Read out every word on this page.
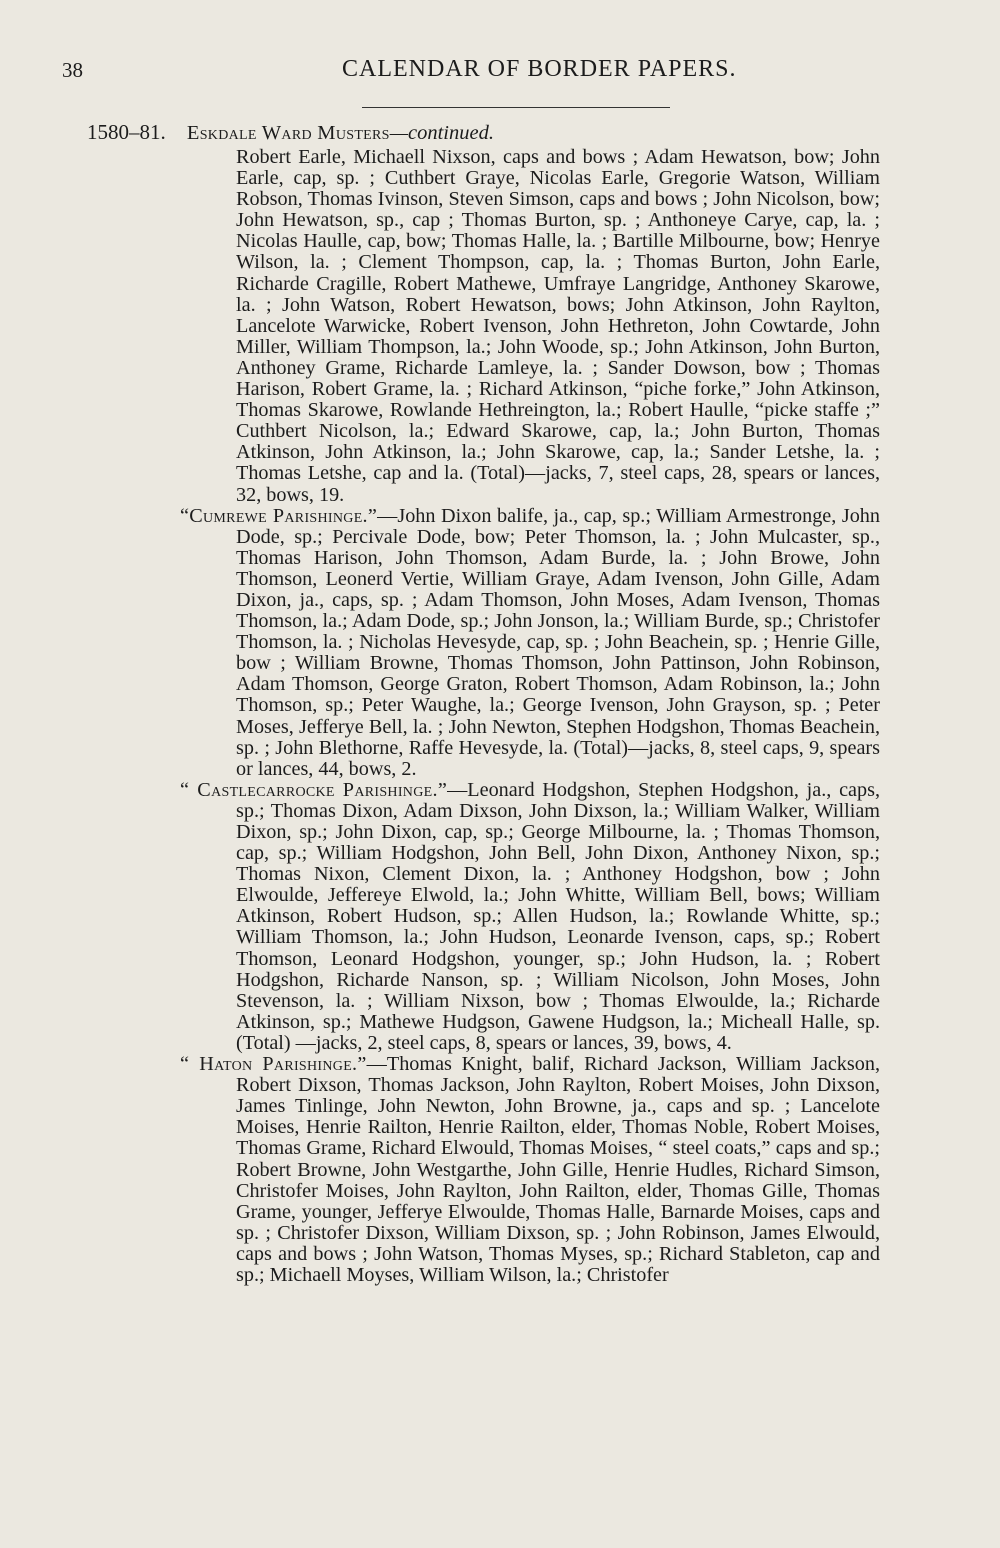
38	CALENDAR OF BORDER PAPERS.
1580–81. Eskdale Ward Musters—continued.

Robert Earle, Michaell Nixson, caps and bows ; Adam Hewatson, bow; John Earle, cap, sp. ; Cuthbert Graye, Nicolas Earle, Gregorie Watson, William Robson, Thomas Ivinson, Steven Simson, caps and bows ; John Nicolson, bow; John Hewatson, sp., cap ; Thomas Burton, sp. ; Anthoneye Carye, cap, la. ; Nicolas Haulle, cap, bow; Thomas Halle, la. ; Bartille Milbourne, bow; Henrye Wilson, la. ; Clement Thompson, cap, la. ; Thomas Burton, John Earle, Richarde Cragille, Robert Mathewe, Umfraye Langridge, Anthoney Skarowe, la. ; John Watson, Robert Hewatson, bows; John Atkinson, John Raylton, Lancelote Warwicke, Robert Ivenson, John Hethreton, John Cowtarde, John Miller, William Thompson, la.; John Woode, sp.; John Atkinson, John Burton, Anthoney Grame, Richarde Lamleye, la. ; Sander Dowson, bow ; Thomas Harison, Robert Grame, la. ; Richard Atkinson, “piche forke,” John Atkinson, Thomas Skarowe, Rowlande Hethreington, la.; Robert Haulle, “picke staffe ;” Cuthbert Nicolson, la.; Edward Skarowe, cap, la.; John Burton, Thomas Atkinson, John Atkinson, la.; John Skarowe, cap, la.; Sander Letshe, la. ; Thomas Letshe, cap and la. (Total)—jacks, 7, steel caps, 28, spears or lances, 32, bows, 19.

“Cumrewe Parishinge.”—John Dixon balife, ja., cap, sp.; William Armestronge, John Dode, sp.; Percivale Dode, bow; Peter Thomson, la. ; John Mulcaster, sp., Thomas Harison, John Thomson, Adam Burde, la. ; John Browe, John Thomson, Leonerd Vertie, William Graye, Adam Ivenson, John Gille, Adam Dixon, ja., caps, sp. ; Adam Thomson, John Moses, Adam Ivenson, Thomas Thomson, la.; Adam Dode, sp.; John Jonson, la.; William Burde, sp.; Christofer Thomson, la. ; Nicholas Hevesyde, cap, sp. ; John Beachein, sp. ; Henrie Gille, bow ; William Browne, Thomas Thomson, John Pattinson, John Robinson, Adam Thomson, George Graton, Robert Thomson, Adam Robinson, la.; John Thomson, sp.; Peter Waughe, la.; George Ivenson, John Grayson, sp. ; Peter Moses, Jefferye Bell, la. ; John Newton, Stephen Hodgshon, Thomas Beachein, sp. ; John Blethorne, Raffe Hevesyde, la. (Total)—jacks, 8, steel caps, 9, spears or lances, 44, bows, 2.

“ Castlecarrocke Parishinge.”—Leonard Hodgshon, Stephen Hodgshon, ja., caps, sp.; Thomas Dixon, Adam Dixson, John Dixson, la.; William Walker, William Dixon, sp.; John Dixon, cap, sp.; George Milbourne, la. ; Thomas Thomson, cap, sp.; William Hodgshon, John Bell, John Dixon, Anthoney Nixon, sp.; Thomas Nixon, Clement Dixon, la. ; Anthoney Hodgshon, bow ; John Elwoulde, Jeffereye Elwold, la.; John Whitte, William Bell, bows; William Atkinson, Robert Hudson, sp.; Allen Hudson, la.; Rowlande Whitte, sp.; William Thomson, la.; John Hudson, Leonarde Ivenson, caps, sp.; Robert Thomson, Leonard Hodgshon, younger, sp.; John Hudson, la. ; Robert Hodgshon, Richarde Nanson, sp. ; William Nicolson, John Moses, John Stevenson, la. ; William Nixson, bow ; Thomas Elwoulde, la.; Richarde Atkinson, sp.; Mathewe Hudgson, Gawene Hudgson, la.; Micheall Halle, sp. (Total) —jacks, 2, steel caps, 8, spears or lances, 39, bows, 4.

“ Haton Parishinge.”—Thomas Knight, balif, Richard Jackson, William Jackson, Robert Dixson, Thomas Jackson, John Raylton, Robert Moises, John Dixson, James Tinlinge, John Newton, John Browne, ja., caps and sp. ; Lancelote Moises, Henrie Railton, Henrie Railton, elder, Thomas Noble, Robert Moises, Thomas Grame, Richard Elwould, Thomas Moises, “ steel coats,” caps and sp.; Robert Browne, John Westgarthe, John Gille, Henrie Hudles, Richard Simson, Christofer Moises, John Raylton, John Railton, elder, Thomas Gille, Thomas Grame, younger, Jefferye Elwoulde, Thomas Halle, Barnarde Moises, caps and sp. ; Christofer Dixson, William Dixson, sp. ; John Robinson, James Elwould, caps and bows ; John Watson, Thomas Myses, sp.; Richard Stableton, cap and sp.; Michaell Moyses, William Wilson, la.; Christofer
